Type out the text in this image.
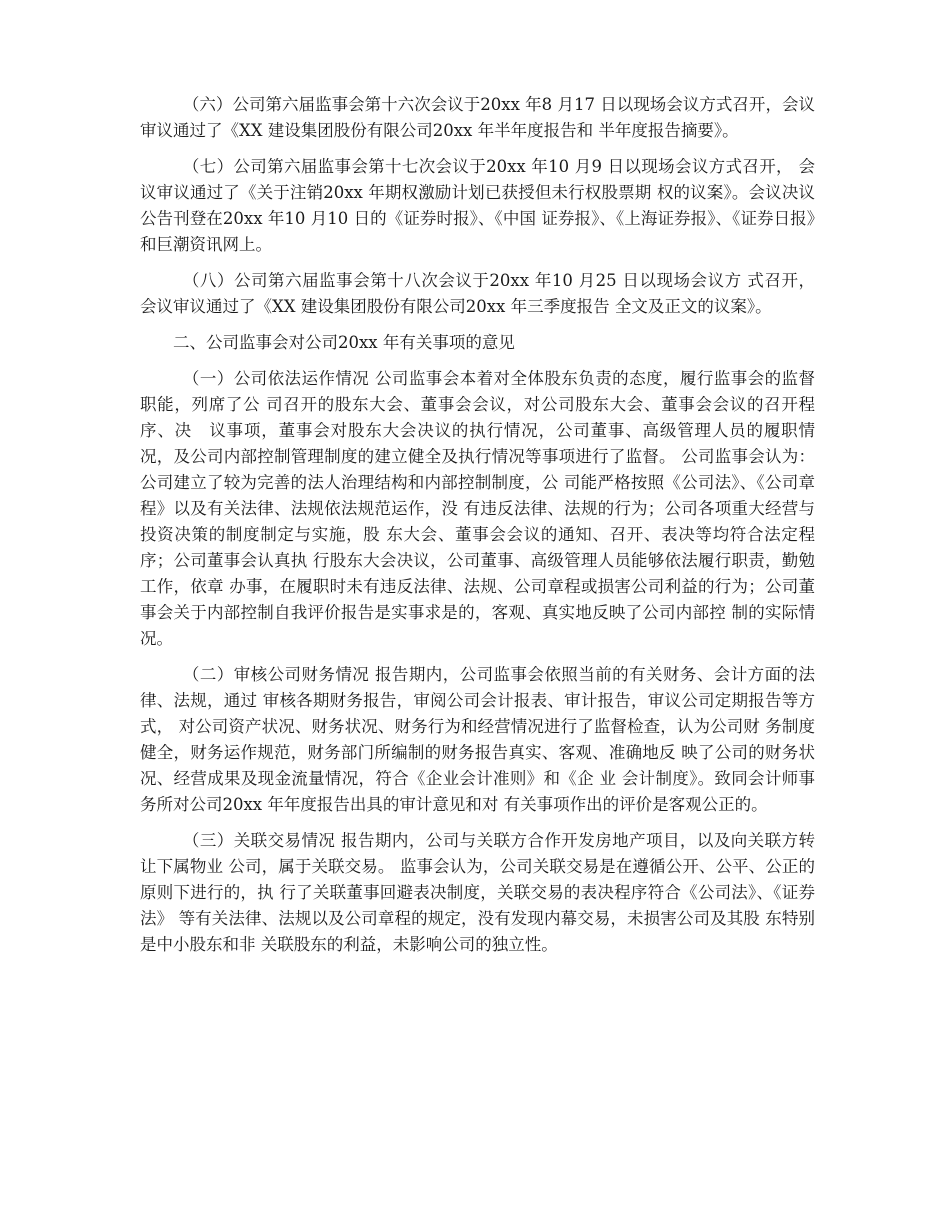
（六）公司第六届监事会第十六次会议于20xx 年8 月17 日以现场会议方式召开，会议审议通过了《XX 建设集团股份有限公司20xx 年半年度报告和 半年度报告摘要》。

（七）公司第六届监事会第十七次会议于20xx 年10 月9 日以现场会议方式召开， 会议审议通过了《关于注销20xx 年期权激励计划已获授但未行权股票期 权的议案》。会议决议公告刊登在20xx 年10 月10 日的《证券时报》、《中国 证券报》、《上海证券报》、《证券日报》和巨潮资讯网上。

（八）公司第六届监事会第十八次会议于20xx 年10 月25 日以现场会议方 式召开， 会议审议通过了《XX 建设集团股份有限公司20xx 年三季度报告 全文及正文的议案》。

二、公司监事会对公司20xx 年有关事项的意见

（一）公司依法运作情况 公司监事会本着对全体股东负责的态度，履行监事会的监督职能，列席了公 司召开的股东大会、董事会会议，对公司股东大会、董事会会议的召开程序、决　议事项，董事会对股东大会决议的执行情况，公司董事、高级管理人员的履职情 况，及公司内部控制管理制度的建立健全及执行情况等事项进行了监督。 公司监事会认为：公司建立了较为完善的法人治理结构和内部控制制度，公 司能严格按照《公司法》、《公司章程》以及有关法律、法规依法规范运作，没 有违反法律、法规的行为；公司各项重大经营与投资决策的制度制定与实施，股 东大会、董事会会议的通知、召开、表决等均符合法定程序；公司董事会认真执 行股东大会决议，公司董事、高级管理人员能够依法履行职责，勤勉工作，依章 办事，在履职时未有违反法律、法规、公司章程或损害公司利益的行为；公司董 事会关于内部控制自我评价报告是实事求是的，客观、真实地反映了公司内部控 制的实际情况。

（二）审核公司财务情况 报告期内，公司监事会依照当前的有关财务、会计方面的法律、法规，通过 审核各期财务报告，审阅公司会计报表、审计报告，审议公司定期报告等方式， 对公司资产状况、财务状况、财务行为和经营情况进行了监督检查，认为公司财 务制度健全，财务运作规范，财务部门所编制的财务报告真实、客观、准确地反 映了公司的财务状况、经营成果及现金流量情况，符合《企业会计准则》和《企 业 会计制度》。致同会计师事务所对公司20xx 年年度报告出具的审计意见和对 有关事项作出的评价是客观公正的。

（三）关联交易情况 报告期内，公司与关联方合作开发房地产项目，以及向关联方转让下属物业 公司，属于关联交易。 监事会认为，公司关联交易是在遵循公开、公平、公正的原则下进行的，执 行了关联董事回避表决制度，关联交易的表决程序符合《公司法》、《证券法》 等有关法律、法规以及公司章程的规定，没有发现内幕交易，未损害公司及其股 东特别是中小股东和非 关联股东的利益，未影响公司的独立性。
